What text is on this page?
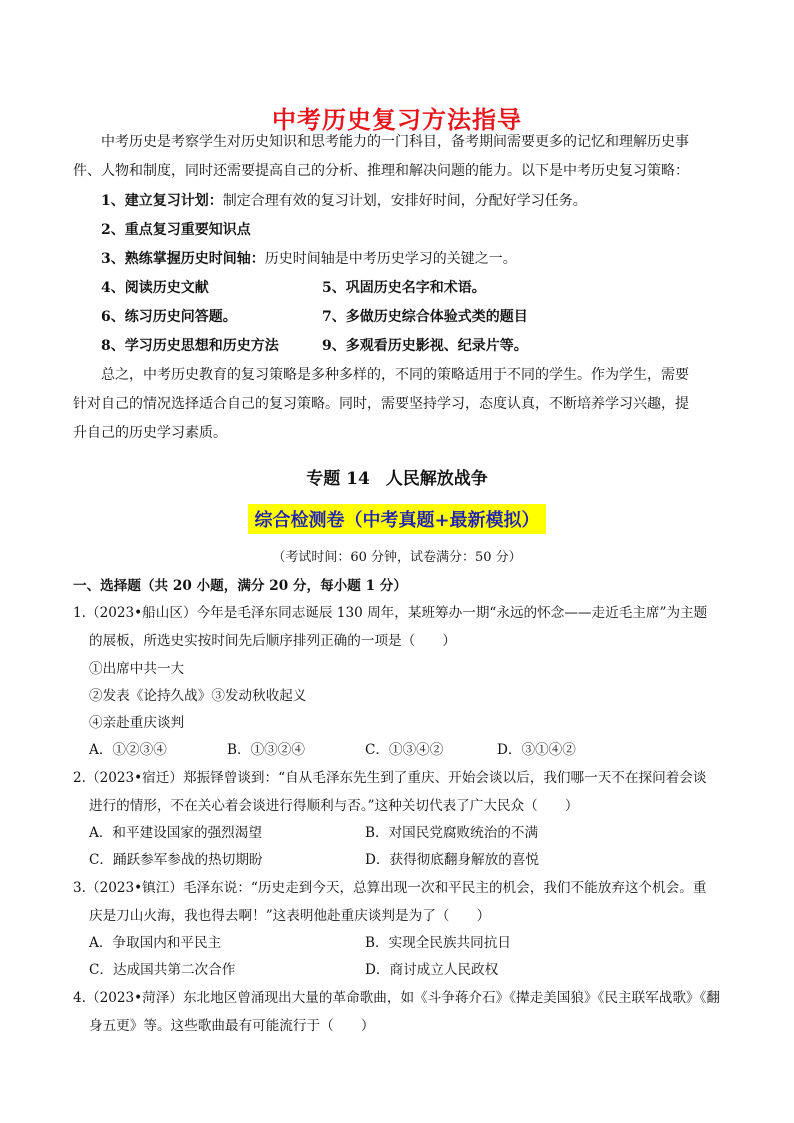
中考历史复习方法指导
中考历史是考察学生对历史知识和思考能力的一门科目，备考期间需要更多的记忆和理解历史事
件、人物和制度，同时还需要提高自己的分析、推理和解决问题的能力。以下是中考历史复习策略：
1、建立复习计划：制定合理有效的复习计划，安排好时间，分配好学习任务。
2、重点复习重要知识点
3、熟练掌握历史时间轴：历史时间轴是中考历史学习的关键之一。
4、阅读历史文献	5、巩固历史名字和术语。
6、练习历史问答题。	7、多做历史综合体验式类的题目
8、学习历史思想和历史方法	9、多观看历史影视、纪录片等。
总之，中考历史教育的复习策略是多种多样的，不同的策略适用于不同的学生。作为学生，需要
针对自己的情况选择适合自己的复习策略。同时，需要坚持学习，态度认真，不断培养学习兴趣，提
升自己的历史学习素质。
专题 14 人民解放战争
综合检测卷（中考真题+最新模拟）
（考试时间：60 分钟，试卷满分：50 分）
一、选择题（共 20 小题，满分 20 分，每小题 1 分）
1.（2023•船山区）今年是毛泽东同志诞辰 130 周年，某班筹办一期“永远的怀念——走近毛主席”为主题
的展板，所选史实按时间先后顺序排列正确的一项是（　　）
①出席中共一大
②发表《论持久战》③发动秋收起义
④亲赴重庆谈判
A．①②③④	B．①③②④	C．①③④②	D．③①④②
2.（2023•宿迁）郑振铎曾谈到：“自从毛泽东先生到了重庆、开始会谈以后，我们哪一天不在探问着会谈
进行的情形，不在关心着会谈进行得顺利与否。”这种关切代表了广大民众（　　）
A．和平建设国家的强烈渴望	B．对国民党腐败统治的不满
C．踊跃参军参战的热切期盼	D．获得彻底翻身解放的喜悦
3.（2023•镇江）毛泽东说：“历史走到今天，总算出现一次和平民主的机会，我们不能放弃这个机会。重
庆是刀山火海，我也得去啊！”这表明他赴重庆谈判是为了（　　）
A．争取国内和平民主	B．实现全民族共同抗日
C．达成国共第二次合作	D．商讨成立人民政权
4.（2023•菏泽）东北地区曾涌现出大量的革命歌曲，如《斗争蒋介石》《撵走美国狼》《民主联军战歌》《翻
身五更》等。这些歌曲最有可能流行于（　　）
